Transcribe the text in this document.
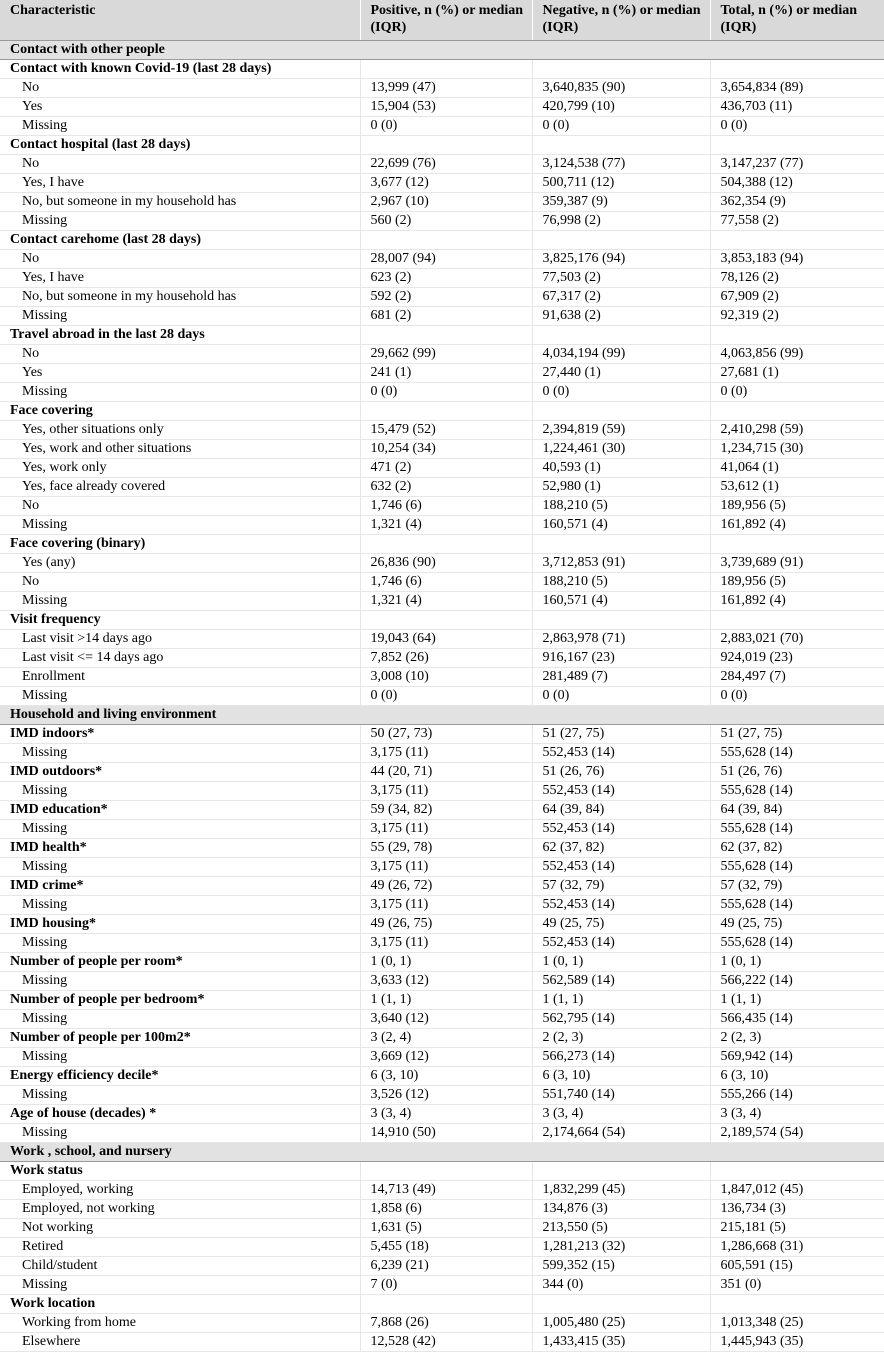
Characteristic	Positive, n (%) or median (IQR)	Negative, n (%) or median (IQR)	Total, n (%) or median (IQR)
Contact with other people			
Contact with known Covid-19 (last 28 days)			
No	13,999 (47)	3,640,835 (90)	3,654,834 (89)
Yes	15,904 (53)	420,799 (10)	436,703 (11)
Missing	0 (0)	0 (0)	0 (0)
Contact hospital (last 28 days)			
No	22,699 (76)	3,124,538 (77)	3,147,237 (77)
Yes, I have	3,677 (12)	500,711 (12)	504,388 (12)
No, but someone in my household has	2,967 (10)	359,387 (9)	362,354 (9)
Missing	560 (2)	76,998 (2)	77,558 (2)
Contact carehome (last 28 days)			
No	28,007 (94)	3,825,176 (94)	3,853,183 (94)
Yes, I have	623 (2)	77,503 (2)	78,126 (2)
No, but someone in my household has	592 (2)	67,317 (2)	67,909 (2)
Missing	681 (2)	91,638 (2)	92,319 (2)
Travel abroad in the last 28 days			
No	29,662 (99)	4,034,194 (99)	4,063,856 (99)
Yes	241 (1)	27,440 (1)	27,681 (1)
Missing	0 (0)	0 (0)	0 (0)
Face covering			
Yes, other situations only	15,479 (52)	2,394,819 (59)	2,410,298 (59)
Yes, work and other situations	10,254 (34)	1,224,461 (30)	1,234,715 (30)
Yes, work only	471 (2)	40,593 (1)	41,064 (1)
Yes, face already covered	632 (2)	52,980 (1)	53,612 (1)
No	1,746 (6)	188,210 (5)	189,956 (5)
Missing	1,321 (4)	160,571 (4)	161,892 (4)
Face covering (binary)			
Yes (any)	26,836 (90)	3,712,853 (91)	3,739,689 (91)
No	1,746 (6)	188,210 (5)	189,956 (5)
Missing	1,321 (4)	160,571 (4)	161,892 (4)
Visit frequency			
Last visit >14 days ago	19,043 (64)	2,863,978 (71)	2,883,021 (70)
Last visit <= 14 days ago	7,852 (26)	916,167 (23)	924,019 (23)
Enrollment	3,008 (10)	281,489 (7)	284,497 (7)
Missing	0 (0)	0 (0)	0 (0)
Household and living environment			
IMD indoors*	50 (27, 73)	51 (27, 75)	51 (27, 75)
Missing	3,175 (11)	552,453 (14)	555,628 (14)
IMD outdoors*	44 (20, 71)	51 (26, 76)	51 (26, 76)
Missing	3,175 (11)	552,453 (14)	555,628 (14)
IMD education*	59 (34, 82)	64 (39, 84)	64 (39, 84)
Missing	3,175 (11)	552,453 (14)	555,628 (14)
IMD health*	55 (29, 78)	62 (37, 82)	62 (37, 82)
Missing	3,175 (11)	552,453 (14)	555,628 (14)
IMD crime*	49 (26, 72)	57 (32, 79)	57 (32, 79)
Missing	3,175 (11)	552,453 (14)	555,628 (14)
IMD housing*	49 (26, 75)	49 (25, 75)	49 (25, 75)
Missing	3,175 (11)	552,453 (14)	555,628 (14)
Number of people per room*	1 (0, 1)	1 (0, 1)	1 (0, 1)
Missing	3,633 (12)	562,589 (14)	566,222 (14)
Number of people per bedroom*	1 (1, 1)	1 (1, 1)	1 (1, 1)
Missing	3,640 (12)	562,795 (14)	566,435 (14)
Number of people per 100m2*	3 (2, 4)	2 (2, 3)	2 (2, 3)
Missing	3,669 (12)	566,273 (14)	569,942 (14)
Energy efficiency decile*	6 (3, 10)	6 (3, 10)	6 (3, 10)
Missing	3,526 (12)	551,740 (14)	555,266 (14)
Age of house (decades) *	3 (3, 4)	3 (3, 4)	3 (3, 4)
Missing	14,910 (50)	2,174,664 (54)	2,189,574 (54)
Work , school, and nursery			
Work status			
Employed, working	14,713 (49)	1,832,299 (45)	1,847,012 (45)
Employed, not working	1,858 (6)	134,876 (3)	136,734 (3)
Not working	1,631 (5)	213,550 (5)	215,181 (5)
Retired	5,455 (18)	1,281,213 (32)	1,286,668 (31)
Child/student	6,239 (21)	599,352 (15)	605,591 (15)
Missing	7 (0)	344 (0)	351 (0)
Work location			
Working from home	7,868 (26)	1,005,480 (25)	1,013,348 (25)
Elsewhere	12,528 (42)	1,433,415 (35)	1,445,943 (35)
